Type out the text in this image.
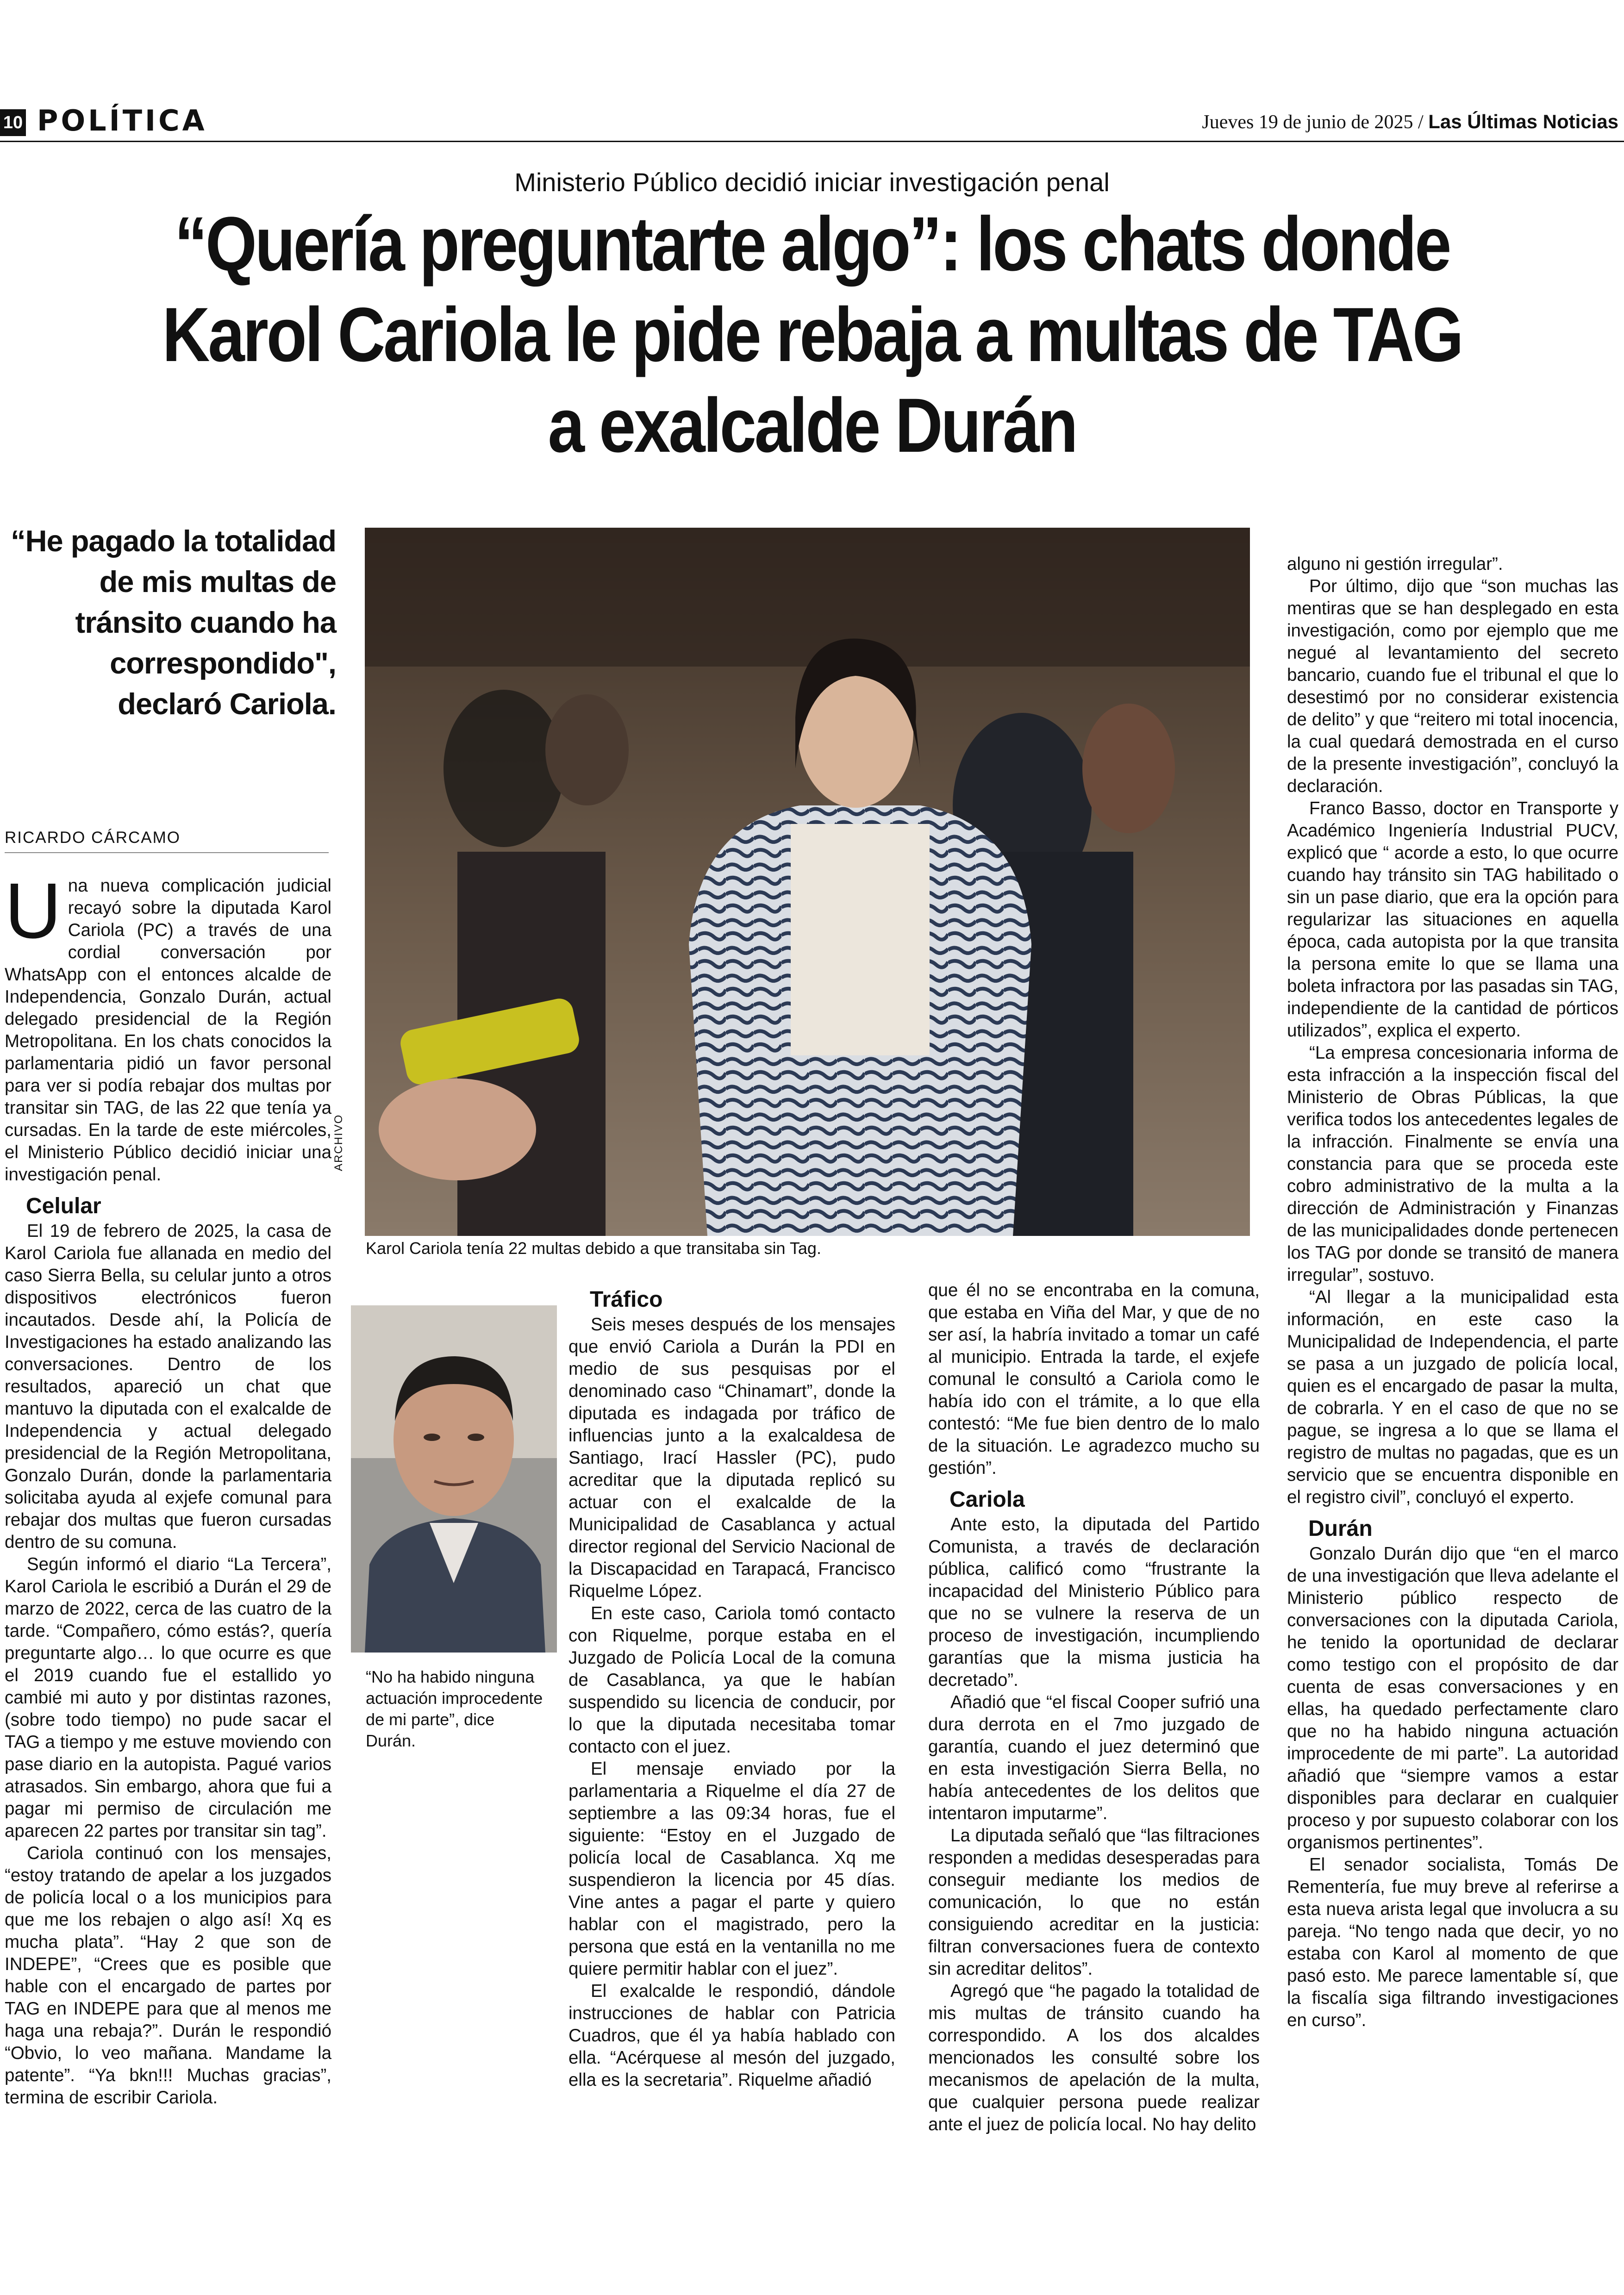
10 POLÍTICA	Jueves 19 de junio de 2025 / Las Últimas Noticias
Ministerio Público decidió iniciar investigación penal
“Quería preguntarte algo”: los chats donde Karol Cariola le pide rebaja a multas de TAG a exalcalde Durán
“He pagado la totalidad de mis multas de tránsito cuando ha correspondido", declaró Cariola.
RICARDO CÁRCAMO
ARCHIVO
Karol Cariola tenía 22 multas debido a que transitaba sin Tag.
“No ha habido ninguna actuación improcedente de mi parte”, dice Durán.

Una nueva complicación judicial recayó sobre la diputada Karol Cariola (PC) a través de una cordial conversación por WhatsApp con el entonces alcalde de Independencia, Gonzalo Durán, actual delegado presidencial de la Región Metropolitana. En los chats conocidos la parlamentaria pidió un favor personal para ver si podía rebajar dos multas por transitar sin TAG, de las 22 que tenía ya cursadas. En la tarde de este miércoles, el Ministerio Público decidió iniciar una investigación penal.

Celular

El 19 de febrero de 2025, la casa de Karol Cariola fue allanada en medio del caso Sierra Bella, su celular junto a otros dispositivos electrónicos fueron incautados. Desde ahí, la Policía de Investigaciones ha estado analizando las conversaciones. Dentro de los resultados, apareció un chat que mantuvo la diputada con el exalcalde de Independencia y actual delegado presidencial de la Región Metropolitana, Gonzalo Durán, donde la parlamentaria solicitaba ayuda al exjefe comunal para rebajar dos multas que fueron cursadas dentro de su comuna.

Según informó el diario “La Tercera”, Karol Cariola le escribió a Durán el 29 de marzo de 2022, cerca de las cuatro de la tarde. “Compañero, cómo estás?, quería preguntarte algo… lo que ocurre es que el 2019 cuando fue el estallido yo cambié mi auto y por distintas razones, (sobre todo tiempo) no pude sacar el TAG a tiempo y me estuve moviendo con pase diario en la autopista. Pagué varios atrasados. Sin embargo, ahora que fui a pagar mi permiso de circulación me aparecen 22 partes por transitar sin tag”.

Cariola continuó con los mensajes, “estoy tratando de apelar a los juzgados de policía local o a los municipios para que me los rebajen o algo así! Xq es mucha plata”. “Hay 2 que son de INDEPE”, “Crees que es posible que hable con el encargado de partes por TAG en INDEPE para que al menos me haga una rebaja?”. Durán le respondió “Obvio, lo veo mañana. Mandame la patente”. “Ya bkn!!! Muchas gracias”, termina de escribir Cariola.

Tráfico

Seis meses después de los mensajes que envió Cariola a Durán la PDI en medio de sus pesquisas por el denominado caso “Chinamart”, donde la diputada es indagada por tráfico de influencias junto a la exalcaldesa de Santiago, Irací Hassler (PC), pudo acreditar que la diputada replicó su actuar con el exalcalde de la Municipalidad de Casablanca y actual director regional del Servicio Nacional de la Discapacidad en Tarapacá, Francisco Riquelme López.

En este caso, Cariola tomó contacto con Riquelme, porque estaba en el Juzgado de Policía Local de la comuna de Casablanca, ya que le habían suspendido su licencia de conducir, por lo que la diputada necesitaba tomar contacto con el juez.

El mensaje enviado por la parlamentaria a Riquelme el día 27 de septiembre a las 09:34 horas, fue el siguiente: “Estoy en el Juzgado de policía local de Casablanca. Xq me suspendieron la licencia por 45 días. Vine antes a pagar el parte y quiero hablar con el magistrado, pero la persona que está en la ventanilla no me quiere permitir hablar con el juez”.

El exalcalde le respondió, dándole instrucciones de hablar con Patricia Cuadros, que él ya había hablado con ella. “Acérquese al mesón del juzgado, ella es la secretaria”. Riquelme añadió

que él no se encontraba en la comuna, que estaba en Viña del Mar, y que de no ser así, la habría invitado a tomar un café al municipio. Entrada la tarde, el exjefe comunal le consultó a Cariola como le había ido con el trámite, a lo que ella contestó: “Me fue bien dentro de lo malo de la situación. Le agradezco mucho su gestión”.

Cariola

Ante esto, la diputada del Partido Comunista, a través de declaración pública, calificó como “frustrante la incapacidad del Ministerio Público para que no se vulnere la reserva de un proceso de investigación, incumpliendo garantías que la misma justicia ha decretado”.

Añadió que “el fiscal Cooper sufrió una dura derrota en el 7mo juzgado de garantía, cuando el juez determinó que en esta investigación Sierra Bella, no había antecedentes de los delitos que intentaron imputarme”.

La diputada señaló que “las filtraciones responden a medidas desesperadas para conseguir mediante los medios de comunicación, lo que no están consiguiendo acreditar en la justicia: filtran conversaciones fuera de contexto sin acreditar delitos”.

Agregó que “he pagado la totalidad de mis multas de tránsito cuando ha correspondido. A los dos alcaldes mencionados les consulté sobre los mecanismos de apelación de la multa, que cualquier persona puede realizar ante el juez de policía local. No hay delito

alguno ni gestión irregular”.

Por último, dijo que “son muchas las mentiras que se han desplegado en esta investigación, como por ejemplo que me negué al levantamiento del secreto bancario, cuando fue el tribunal el que lo desestimó por no considerar existencia de delito” y que “reitero mi total inocencia, la cual quedará demostrada en el curso de la presente investigación”, concluyó la declaración.

Franco Basso, doctor en Transporte y Académico Ingeniería Industrial PUCV, explicó que “ acorde a esto, lo que ocurre cuando hay tránsito sin TAG habilitado o sin un pase diario, que era la opción para regularizar las situaciones en aquella época, cada autopista por la que transita la persona emite lo que se llama una boleta infractora por las pasadas sin TAG, independiente de la cantidad de pórticos utilizados”, explica el experto.

“La empresa concesionaria informa de esta infracción a la inspección fiscal del Ministerio de Obras Públicas, la que verifica todos los antecedentes legales de la infracción. Finalmente se envía una constancia para que se proceda este cobro administrativo de la multa a la dirección de Administración y Finanzas de las municipalidades donde pertenecen los TAG por donde se transitó de manera irregular”, sostuvo.

“Al llegar a la municipalidad esta información, en este caso la Municipalidad de Independencia, el parte se pasa a un juzgado de policía local, quien es el encargado de pasar la multa, de cobrarla. Y en el caso de que no se pague, se ingresa a lo que se llama el registro de multas no pagadas, que es un servicio que se encuentra disponible en el registro civil”, concluyó el experto.

Durán

Gonzalo Durán dijo que “en el marco de una investigación que lleva adelante el Ministerio público respecto de conversaciones con la diputada Cariola, he tenido la oportunidad de declarar como testigo con el propósito de dar cuenta de esas conversaciones y en ellas, ha quedado perfectamente claro que no ha habido ninguna actuación improcedente de mi parte”. La autoridad añadió que “siempre vamos a estar disponibles para declarar en cualquier proceso y por supuesto colaborar con los organismos pertinentes”.

El senador socialista, Tomás De Rementería, fue muy breve al referirse a esta nueva arista legal que involucra a su pareja. “No tengo nada que decir, yo no estaba con Karol al momento de que pasó esto. Me parece lamentable sí, que la fiscalía siga filtrando investigaciones en curso”.
